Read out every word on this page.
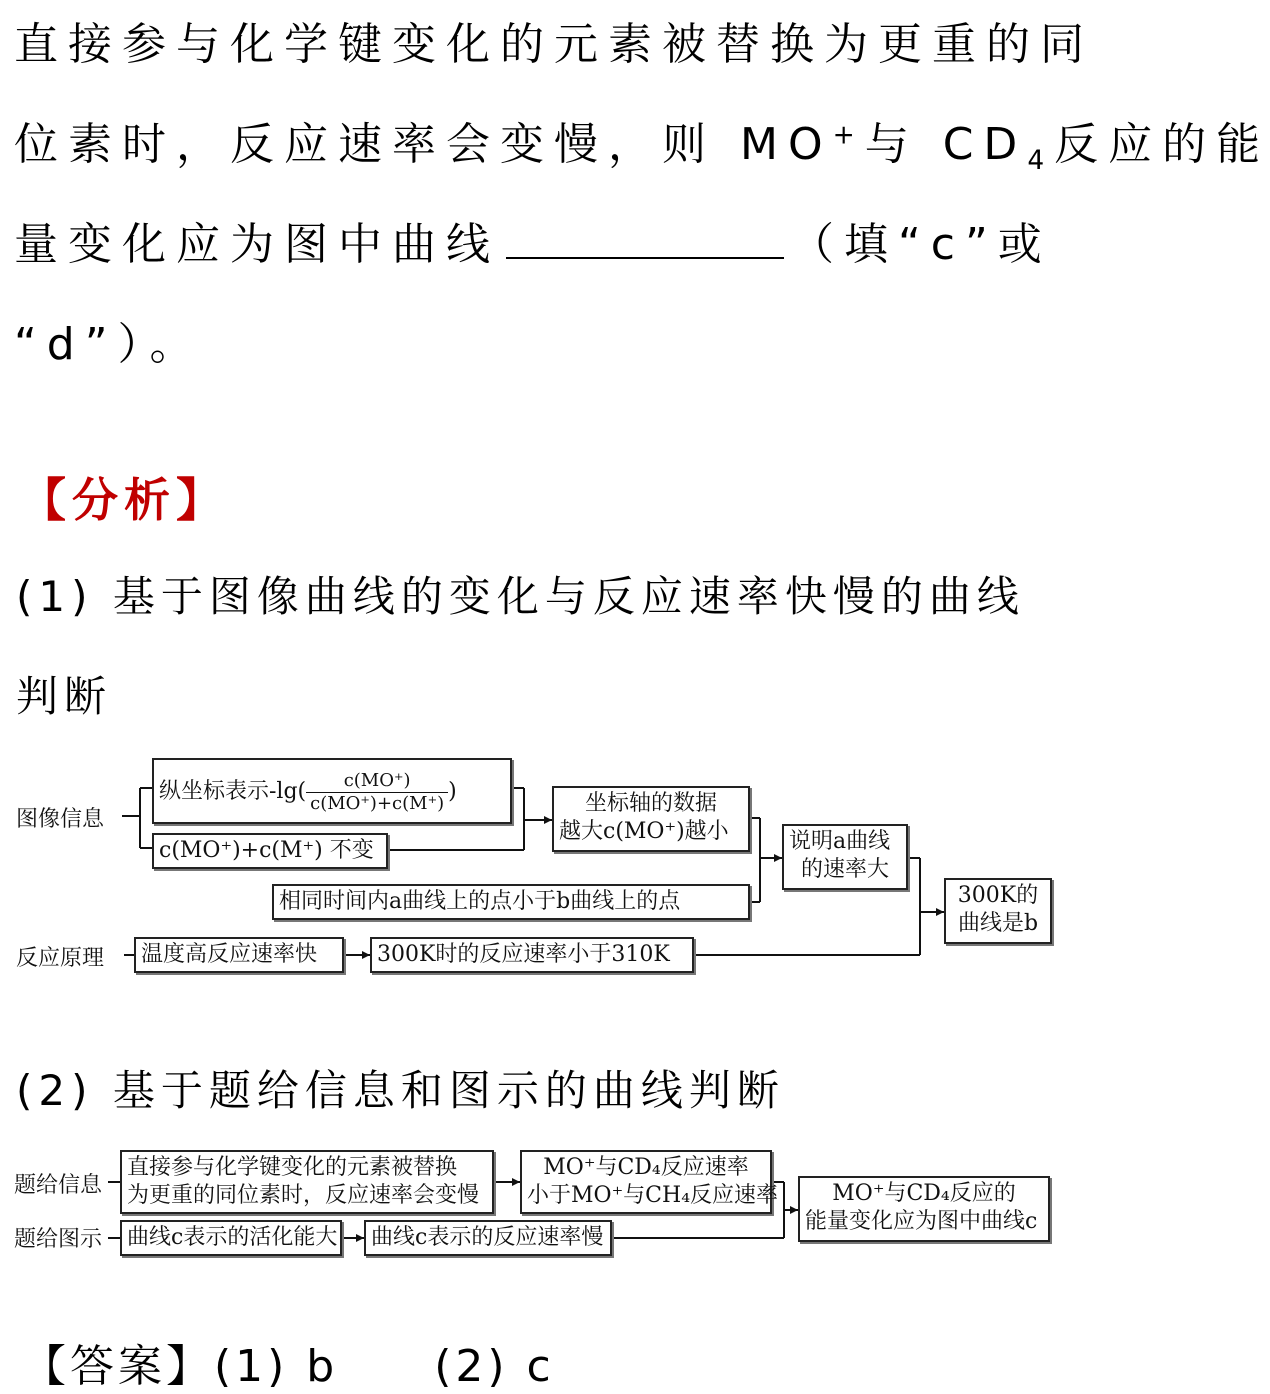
直接参与化学键变化的元素被替换为更重的同
位素时，反应速率会变慢，则 MO+与 $CD_4$反应的能
量变化应为图中曲线	（填“c”或
“d”）。
【分析】
(1) 基于图像曲线的变化与反应速率快慢的曲线
判断
图像信息
反应原理
纵坐标表示$-\lg( \frac{c(MO^+)}{c(MO^+)+c(M^+)}$ )
c(MO⁺)+c(M⁺) 不变
坐标轴的数据
越大c(MO⁺)越小
相同时间内a曲线上的点小于b曲线上的点
说明a曲线
的速率大
温度高反应速率快	300K时的反应速率小于310K
300K的
曲线是b
(2) 基于题给信息和图示的曲线判断
题给信息
题给图示
直接参与化学键变化的元素被替换
为更重的同位素时，反应速率会变慢
MO⁺与CD₄反应速率
小于MO⁺与CH₄反应速率
曲线c表示的活化能大	曲线c表示的反应速率慢
MO⁺与CD₄反应的
能量变化应为图中曲线c
【答案】(1) b　　(2) c
